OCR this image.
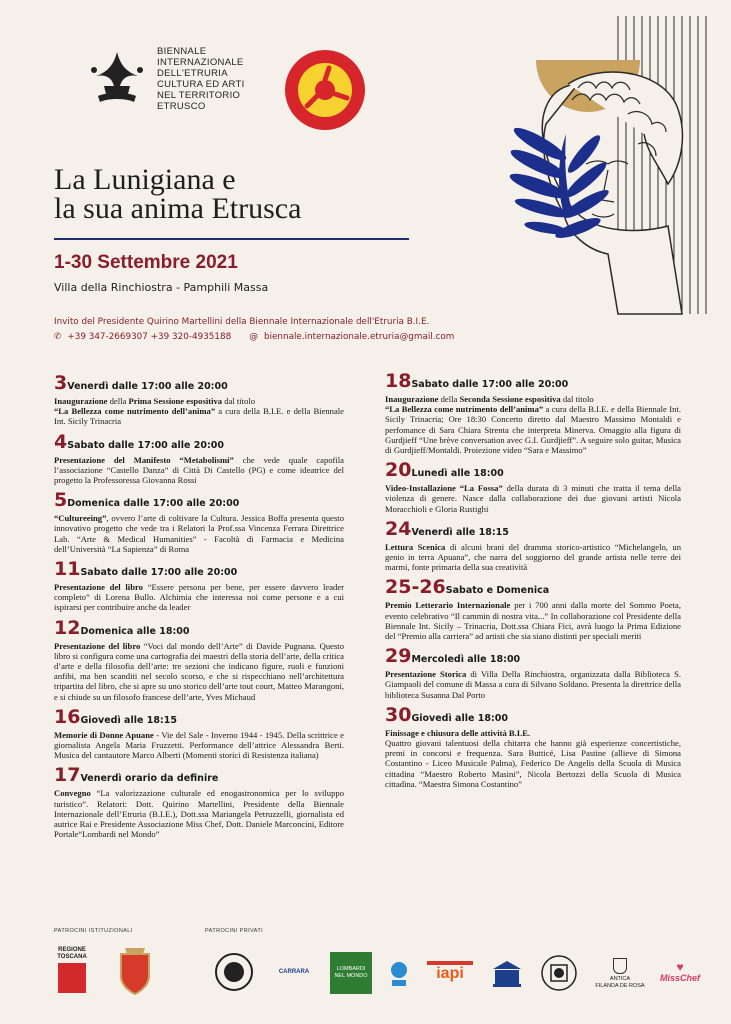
BIENNALE
INTERNAZIONALE
DELL'ETRURIA
CULTURA ED ARTI
NEL TERRITORIO
ETRUSCO
La Lunigiana e
la sua anima Etrusca
1-30 Settembre 2021
Villa della Rinchiostra - Pamphili Massa
Invito del Presidente Quirino Martellini della Biennale Internazionale dell'Etruria B.I.E.
✆ +39 347-2669307 +39 320-4935188 @ biennale.internazionale.etruria@gmail.com
3Venerdì dalle 17:00 alle 20:00
Inaugurazione della Prima Sessione espositiva dal titolo
“La Bellezza come nutrimento dell’anima” a cura della B.I.E. e della Biennale Int. Sicily Trinacria
4Sabato dalle 17:00 alle 20:00
Presentazione del Manifesto “Metabolismi” che vede quale capofila l’associazione “Castello Danza” di Città Di Castello (PG) e come ideatrice del progetto la Professoressa Giovanna Rossi
5Domenica dalle 17:00 alle 20:00
“Cultureeing”, ovvero l’arte di coltivare la Cultura. Jessica Boffa presenta questo innovativo progetto che vede tra i Relatori la Prof.ssa Vincenza Ferrara Direttrice Lab. “Arte & Medical Humanities” - Facoltà di Farmacia e Medicina dell’Università “La Sapienza” di Roma
11Sabato dalle 17:00 alle 20:00
Presentazione del libro “Essere persona per bene, per essere davvero leader completo” di Lorena Bullo. Alchimia che interessa noi come persone e a cui ispirarsi per contribuire anche da leader
12Domenica alle 18:00
Presentazione del libro “Voci dal mondo dell’Arte” di Davide Pugnana. Questo libro si configura come una cartografia dei maestri della storia dell’arte, della critica d’arte e della filosofia dell’arte: tre sezioni che indicano figure, ruoli e funzioni anfibi, ma ben scanditi nel secolo scorso, e che si rispecchiano nell’architettura tripartita del libro, che si apre su uno storico dell’arte tout court, Matteo Marangoni, e si chiude su un filosofo francese dell’arte, Yves Michaud
16Giovedì alle 18:15
Memorie di Donne Apuane - Vie del Sale - Inverno 1944 - 1945. Della scrittrice e giornalista Angela Maria Fruzzetti. Performance dell’attrice Alessandra Berti. Musica del cantautore Marco Alberti (Momenti storici di Resistenza italiana)
17Venerdì orario da definire
Convegno “La valorizzazione culturale ed enogastronomica per lo sviluppo turistico”. Relatori: Dott. Quirino Martellini, Presidente della Biennale Internazionale dell’Etruria (B.I.E.), Dott.ssa Mariangela Petruzzelli, giornalista ed autrice Rai e Presidente Associazione Miss Chef, Dott. Daniele Marconcini, Editore Portale“Lombardi nel Mondo”
18Sabato dalle 17:00 alle 20:00
Inaugurazione della Seconda Sessione espositiva dal titolo
“La Bellezza come nutrimento dell’anima” a cura della B.I.E. e della Biennale Int. Sicily Trinacria; Ore 18:30 Concerto diretto dal Maestro Massimo Montaldi e perfomance di Sara Chiara Strenta che interpreta Minerva. Omaggio alla figura di Gurdjieff “Une brève conversation avec G.I. Gurdjieff”. A seguire solo guitar, Musica di Gurdjieff/Montaldi. Proiezione video “Sara e Massimo”
20Lunedì alle 18:00
Video-Installazione “La Fossa” della durata di 3 minuti che tratta il tema della violenza di genere. Nasce dalla collaborazione dei due giovani artisti Nicola Moracchioli e Gloria Rustighi
24Venerdì alle 18:15
Lettura Scenica di alcuni brani del dramma storico-artistico “Michelangelo, un genio in terra Apuana”, che narra del soggiorno del grande artista nelle terre dei marmi, fonte primaria della sua creatività
25-26Sabato e Domenica
Premio Letterario Internazionale per i 700 anni dalla morte del Sommo Poeta, evento celebrativo “Il cammin di nostra vita...” In collaborazione col Presidente della Biennale Int. Sicily – Trinacria, Dott.ssa Chiara Fici, avrà luogo la Prima Edizione del “Premio alla carriera” ad artisti che sia siano distinti per speciali meriti
29Mercoledì alle 18:00
Presentazione Storica di Villa Della Rinchiostra, organizzata dalla Biblioteca S. Giampaoli del comune di Massa a cura di Silvano Soldano. Presenta la direttrice della biblioteca Susanna Dal Porto
30Giovedì alle 18:00
Finissage e chiusura delle attività B.I.E.
Quattro giovani talentuosi della chitarra che hanno già esperienze concertistiche, premi in concorsi e frequenza. Sara Butticé, Lisa Pastine (allieve di Simona Costantino - Liceo Musicale Palma), Federico De Angelis della Scuola di Musica cittadina “Maestro Roberto Masini”, Nicola Bertozzi della Scuola di Musica cittadina. “Maestra Simona Costantino”
PATROCINI ISTITUZIONALI	PATROCINI PRIVATI
REGIONE
TOSCANA
CARRARA	LOMBARDI
NEL MONDO	iapi	ANTICA
FILANDA DE ROSA
♥
MissChef
